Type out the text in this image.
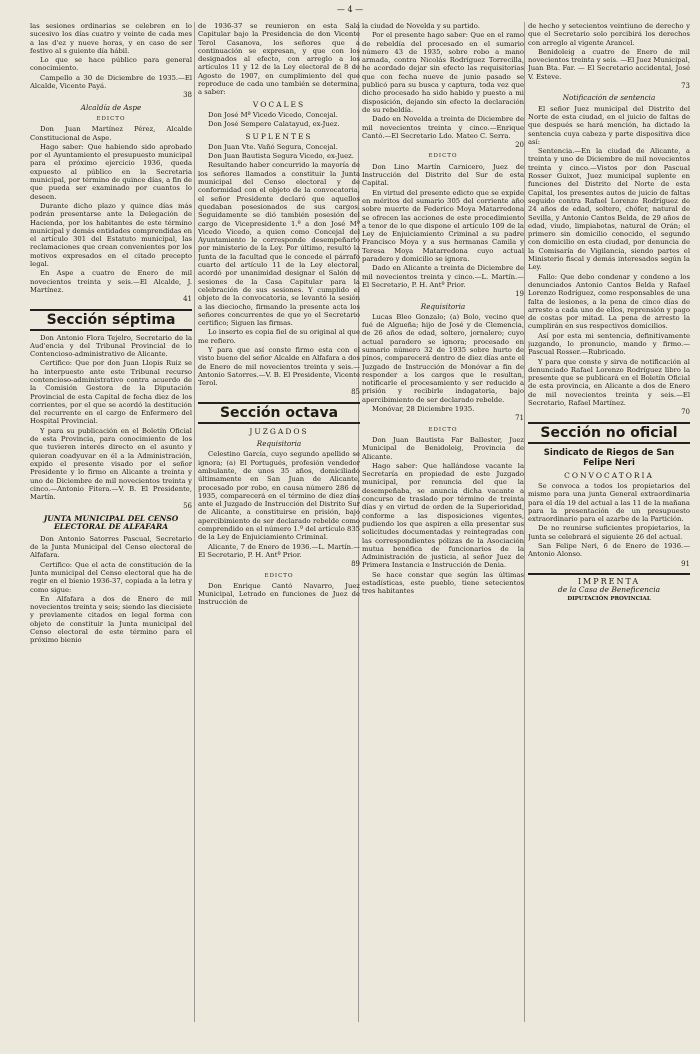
— 4 —

las sesiones ordinarias se celebren en lo sucesivo los días cuatro y veinte de cada mes a las d'ez y nueve horas, y en caso de ser festivo al s guiente día hábil.

Lo que se hace público para general conocimiento.

Campello a 30 de Diciembre de 1935.—El Alcalde, Vicente Payá.

38
Alcaldía de Aspe
EDICTO

Don Juan Martínez Pérez, Alcalde Constitucional de Aspe.

Hago saber: Que habiendo sido aprobado por el Ayuntamiento el presupuesto municipal para el próximo ejercicio 1936, queda expuesto al público en la Secretaria municipal, por término de quince días, a fin de que pueda ser examinado por cuantos lo deseen.

Durante dicho plazo y quince días más podrán presentarse ante la Delegación de Hacienda, por los habitantes de este término municipal y demás entidades comprendidas en el artículo 301 del Estatuto municipal, las reclamaciones que crean convenientes por los motivos expresados en el citado precepto legal.

En Aspe a cuatro de Enero de mil novecientos treinta y seis.—El Alcalde, J. Martínez.

41
Sección séptima

Don Antonio Flora Tejelro, Secretario de la Aud'encia y del Tribunal Provincial de lo Contencioso-administrativo de Alicante.

Certifico: Que por don Juan Llopis Ruiz se ha interpuesto ante este Tribunal recurso contencioso-administrativo contra acuerdo de la Comisión Gestora de la Diputación Provincial de esta Capital de fecha diez de los corrientes, por el que se acordó la destitución del recurrente en el cargo de Enfermero del Hospital Provincial.

Y para su publicación en el Boletín Oficial de esta Provincia, para conocimiento de los que tuvieren interés directo en el asunto y quieran coadyuvar en él a la Administración, expido el presente visado por el señor Presidente y lo firmo en Alicante a treinta y uno de Diciembre de mil novecientos treinta y cinco.—Antonio Fitera.—V. B. El Presidente, Martín.

56
JUNTA MUNICIPAL DEL CENSO ELECTORAL DE ALFAFARA

Don Antonio Satorres Pascual, Secretario de la Junta Municipal del Censo electoral de Alfafara.

Certifico: Que el acta de constitución de la Junta municipal del Censo electoral que ha de regir en el bienio 1936-37, copiada a la letra y como sigue:

En Alfafara a dos de Enero de mil novecientos treinta y seis; siendo las diecisiete y previamente citados en legal forma con objeto de constituir la Junta municipal del Censo electoral de este término para el próximo bienio

de 1936-37 se reunieron en esta Sala Capitular bajo la Presidencia de don Vicente Terol Casanova, los señores que a continuación se expresan, y que con los designados al efecto, con arreglo a los artículos 11 y 12 de la Ley electoral de 8 de Agosto de 1907, en cumplimiento del que reproduce de cada uno también se determina, a saber:

VOCALES

Don José Mª Vicedo Vicedo, Concejal.

Don José Sempere Calatayud, ex-Juez.

SUPLENTES

Don Juan Vte. Vañó Segura, Concejal.

Don Juan Bautista Segura Vicedo, ex-Juez.

Resultando haber concurrido la mayoría de los señores llamados a constituir la Junta municipal del Censo electoral y de conformidad con el objeto de la convocatoria, el señor Presidente declaró que aquellos quedaban posesionados de sus cargos. Seguidamente se dió también posesión del cargo de Vicepresidente 1.º a don José Mª Vicedo Vicedo, a quien como Concejal del Ayuntamiento le corresponde desempeñarlo por ministerio de la Ley. Por último, resultó la Junta de la facultad que le concede el párrafo cuarto del artículo 11 de la Ley electoral, acordó por unanimidad designar el Salón de sesiones de la Casa Capitular para la celebración de sus sesiones. Y cumplido el objeto de la convocatoria, se levantó la sesión a las dieciocho, firmando la presente acta los señores concurrentes de que yo el Secretario certifico; Siguen las firmas.

Lo inserto es copia fiel de su original al que me refiero.

Y para que así conste firmo esta con el visto bueno del señor Alcalde en Alfafara a dos de Enero de mil novecientos treinta y seis.—Antonio Satorres.—V. B. El Presidente, Vicente Terol.

85
Sección octava
JUZGADOS
Requisitoria

Celestino García, cuyo segundo apellido se ignora; (a) El Portugués, profesión vendedor ambulante, de unos 35 años, domiciliado últimamente en San Juan de Alicante, procesado por robo, en causa número 286 de 1935, comparecerá en el término de diez días ante el Juzgado de Instrucción del Distrito Sur de Alicante, a constituirse en prisión, bajo apercibimiento de ser declarado rebelde como comprendido en el número 1.º del artículo 835 de la Ley de Enjuiciamiento Criminal.

Alicante, 7 de Enero de 1936.—L. Martín.—El Secretario, P. H. Antº Prior.

89
EDICTO

Don Enrique Cantó Navarro, Juez Municipal, Letrado en funciones de Juez de Instrucción de

la ciudad de Novelda y su partido.

Por el presente hago saber: Que en el ramo de rebeldía del procesado en el sumario número 43 de 1935, sobre robo a mano armada, contra Nicolás Rodríguez Torrecilla, he acordado dejar sin efecto las requisitorias que con fecha nueve de junio pasado se publicó para su busca y captura, toda vez que dicho procesado ha sido habido y puesto a mi disposición, dejando sin efecto la declaración de su rebeldía.

Dado en Novelda a treinta de Diciembre de mil novecientos treinta y cinco.—Enrique Cantó.—El Secretario Ldo. Mateo C. Serra.

20
EDICTO

Don Lino Martín Carnicero, Juez de Instrucción del Distrito del Sur de esta Capital.

En virtud del presente edicto que se expide en méritos del sumario 305 del corriente año sobre muerte de Federico Moya Matarredona se ofrecen las acciones de este procedimiento a tenor de lo que dispone el artículo 109 de la Ley de Enjuiciamiento Criminal a su padre Francisco Moya y a sus hermanas Camila y Teresa Moya Matarredona cuyo actual paradero y domicilio se ignora.

Dado en Alicante a treinta de Diciembre de mil novecientos treinta y cinco.—L. Martín.—El Secretario, P. H. Antº Prior.

19
Requisitoria

Lucas Bleo Gonzalo; (a) Bolo, vecino que fué de Algueña; hijo de José y de Clemencia, de 26 años de edad, soltero, jornalero; cuyo actual paradero se ignora; procesado en sumario número 32 de 1935 sobre hurto de pinos, comparecerá dentro de diez días ante el Juzgado de Instrucción de Monóvar a fin de responder a los cargos que le resultan, notificarle el procesamiento y ser reducido a prisión y recibirle indagatoria, bajo apercibimiento de ser declarado rebelde.

Monóvar, 28 Diciembre 1935.

71
EDICTO

Don Juan Bautista Far Ballester, Juez Municipal de Benidoleig, Provincia de Alicante.

Hago saber: Que hallándose vacante la Secretaría en propiedad de este Juzgado municipal, por renuncia del que la desempeñaba, se anuncia dicha vacante a concurso de traslado por término de treinta días y en virtud de orden de la Superioridad, conforme a las disposiciones vigentes, pudiendo los que aspiren a ella presentar sus solicitudes documentadas y reintegradas con las correspondientes pólizas de la Asociación mutua benéfica de funcionarios de la Administración de justicia, al señor Juez de Primera Instancia e Instrucción de Denia.

Se hace constar que según las últimas estadísticas, este pueblo, tiene setecientos tres habitantes

de hecho y setecientos veintiuno de derecho y que el Secretario solo percibirá los derechos con arreglo al vigente Arancel.

Benidoleig a cuatro de Enero de mil novecientos treinta y seis. —El Juez Municipal, Juan Bta. Far. — El Secretario accidental, José V. Esteve.

73
Notificación de sentencia

El señor Juez municipal del Distrito del Norte de esta ciudad, en el juicio de faltas de que después se hará mención, ha dictado la sentencia cuya cabeza y parte dispositiva dice así:

Sentencia.—En la ciudad de Alicante, a treinta y uno de Diciembre de mil novecientos treinta y cinco.—Vistos por don Pascual Rosser Guixot, Juez municipal suplente en funciones del Distrito del Norte de esta Capital, los presentes autos de juicio de faltas seguido contra Rafael Lorenzo Rodríguez de 24 años de edad, soltero, chófer, natural de Sevilla, y Antonio Cantos Belda, de 29 años de edad, viudo, limpiabotas, natural de Orán; el primero sin domicilio conocido, el segundo con domicilio en esta ciudad, por denuncia de la Comisaría de Vigilancia, siendo partes el Ministerio fiscal y demás interesados según la Ley.

Fallo: Que debo condenar y condeno a los denunciados Antonio Cantos Belda y Rafael Lorenzo Rodríguez, como responsables de una falta de lesiones, a la pena de cinco días de arresto a cada uno de ellos, reprensión y pago de costas por mitad. La pena de arresto la cumplirán en sus respectivos domicilios.

Así por esta mi sentencia, definitivamente juzgando, lo pronuncio, mando y firmo.—Pascual Rosser.—Rubricado.

Y para que conste y sirva de notificación al denunciado Rafael Lorenzo Rodríguez libro la presente que se publicará en el Boletín Oficial de esta provincia, en Alicante a dos de Enero de mil novecientos treinta y seis.—El Secretario, Rafael Martínez.

70
Sección no oficial
Sindicato de Riegos de San Felipe Neri
CONVOCATORIA

Se convoca a todos los propietarios del mismo para una junta General extraordinaria para el día 19 del actual a las 11 de la mañana para la presentación de un presupuesto extraordinario para el azarbe de la Partición.

De no reunirse suficientes propietarios, la Junta se celebrará el siguiente 26 del actual.

San Felipe Neri, 6 de Enero de 1936.—Antonio Alonso.

91
IMPRENTA
de la Casa de Beneficencia
DIPUTACIÓN PROVINCIAL
